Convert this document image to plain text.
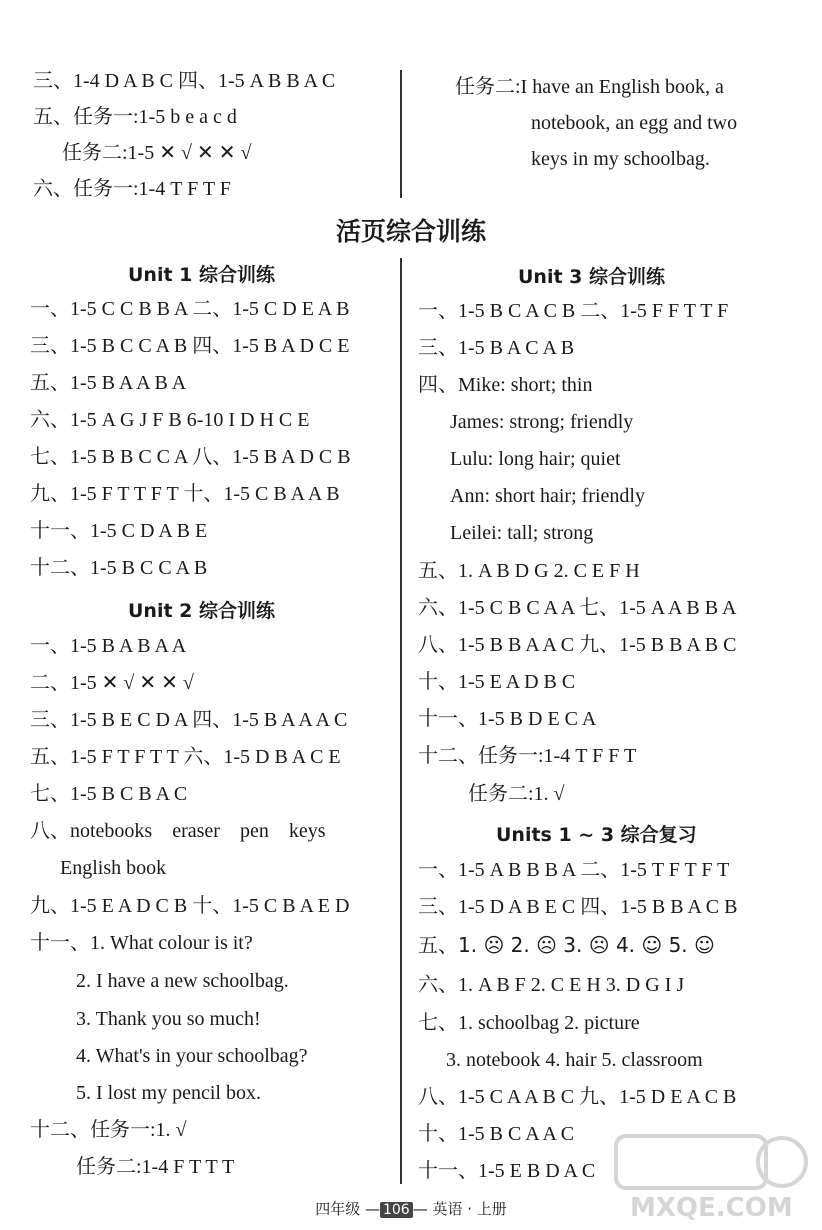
三、1-4 D A B C 四、1-5 A B B A C
五、任务一:1-5 b e a c d
任务二:1-5 ✕ √ ✕ ✕ √
六、任务一:1-4 T F T F
任务二:I have an English book, a
notebook, an egg and two
keys in my schoolbag.
活页综合训练
Unit 1 综合训练
一、1-5 C C B B A 二、1-5 C D E A B
三、1-5 B C C A B 四、1-5 B A D C E
五、1-5 B A A B A
六、1-5 A G J F B 6-10 I D H C E
七、1-5 B B C C A 八、1-5 B A D C B
九、1-5 F T T F T 十、1-5 C B A A B
十一、1-5 C D A B E
十二、1-5 B C C A B
Unit 2 综合训练
一、1-5 B A B A A
二、1-5 ✕ √ ✕ ✕ √
三、1-5 B E C D A 四、1-5 B A A A C
五、1-5 F T F T T 六、1-5 D B A C E
七、1-5 B C B A C
八、notebooks    eraser    pen    keys
English book
九、1-5 E A D C B 十、1-5 C B A E D
十一、1. What colour is it?
2. I have a new schoolbag.
3. Thank you so much!
4. What's in your schoolbag?
5. I lost my pencil box.
十二、任务一:1. √
任务二:1-4 F T T T
Unit 3 综合训练
一、1-5 B C A C B 二、1-5 F F T T F
三、1-5 B A C A B
四、Mike: short; thin
James: strong; friendly
Lulu: long hair; quiet
Ann: short hair; friendly
Leilei: tall; strong
五、1. A B D G 2. C E F H
六、1-5 C B C A A 七、1-5 A A B B A
八、1-5 B B A A C 九、1-5 B B A B C
十、1-5 E A D B C
十一、1-5 B D E C A
十二、任务一:1-4 T F F T
任务二:1. √
Units 1 ~ 3 综合复习
一、1-5 A B B B A 二、1-5 T F T F T
三、1-5 D A B E C 四、1-5 B B A C B
五、1. ☹ 2. ☹ 3. ☹ 4. ☺ 5. ☺
六、1. A B F 2. C E H 3. D G I J
七、1. schoolbag 2. picture
3. notebook 4. hair 5. classroom
八、1-5 C A A B C 九、1-5 D E A C B
十、1-5 B C A A C
十一、1-5 E B D A C
MXQE.COM
四年级 — 106 — 英语 · 上册
